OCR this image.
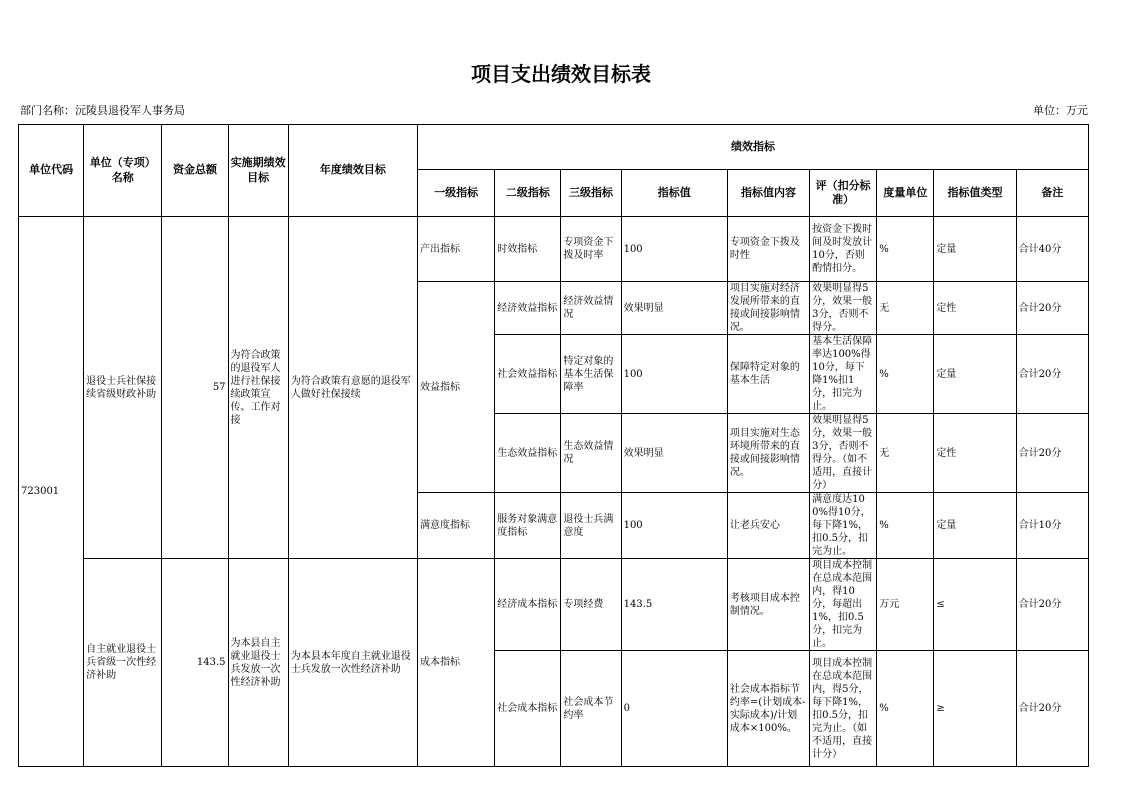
项目支出绩效目标表
部门名称：沅陵县退役军人事务局	单位：万元
单位代码	单位（专项）名称	资金总额	实施期绩效目标	年度绩效目标	绩效指标								
					一级指标	二级指标	三级指标	指标值	指标值内容	评（扣分标准）	度量单位	指标值类型	备注
723001	退役士兵社保接续省级财政补助	57	为符合政策的退役军人进行社保接续政策宣传、工作对接	为符合政策有意愿的退役军人做好社保接续	产出指标	时效指标	专项资金下拨及时率	100	专项资金下拨及时性	按资金下拨时间及时发放计10分，否则酌情扣分。	%	定量	合计40分
					效益指标	经济效益指标	经济效益情况	效果明显	项目实施对经济发展所带来的直接或间接影响情况。	效果明显得5分，效果一般3分，否则不得分。	无	定性	合计20分
						社会效益指标	特定对象的基本生活保障率	100	保障特定对象的基本生活	基本生活保障率达100%得10分，每下降1%扣1分，扣完为止。	%	定量	合计20分
						生态效益指标	生态效益情况	效果明显	项目实施对生态环境所带来的直接或间接影响情况。	效果明显得5分，效果一般3分，否则不得分。（如不适用，直接计分）	无	定性	合计20分
					满意度指标	服务对象满意度指标	退役士兵满意度	100	让老兵安心	满意度达100%得10分，每下降1%，扣0.5分，扣完为止。	%	定量	合计10分
	自主就业退役士兵省级一次性经济补助	143.5	为本县自主就业退役士兵发放一次性经济补助	为本县本年度自主就业退役士兵发放一次性经济补助	成本指标	经济成本指标	专项经费	143.5	考核项目成本控制情况。	项目成本控制在总成本范围内，得10分，每超出1%，扣0.5分，扣完为止。	万元	≤	合计20分
						社会成本指标	社会成本节约率	0	社会成本指标节约率=(计划成本-实际成本)/计划成本×100%。	项目成本控制在总成本范围内，得5分，每下降1%，扣0.5分，扣完为止。（如不适用，直接计分）	%	≥	合计20分
